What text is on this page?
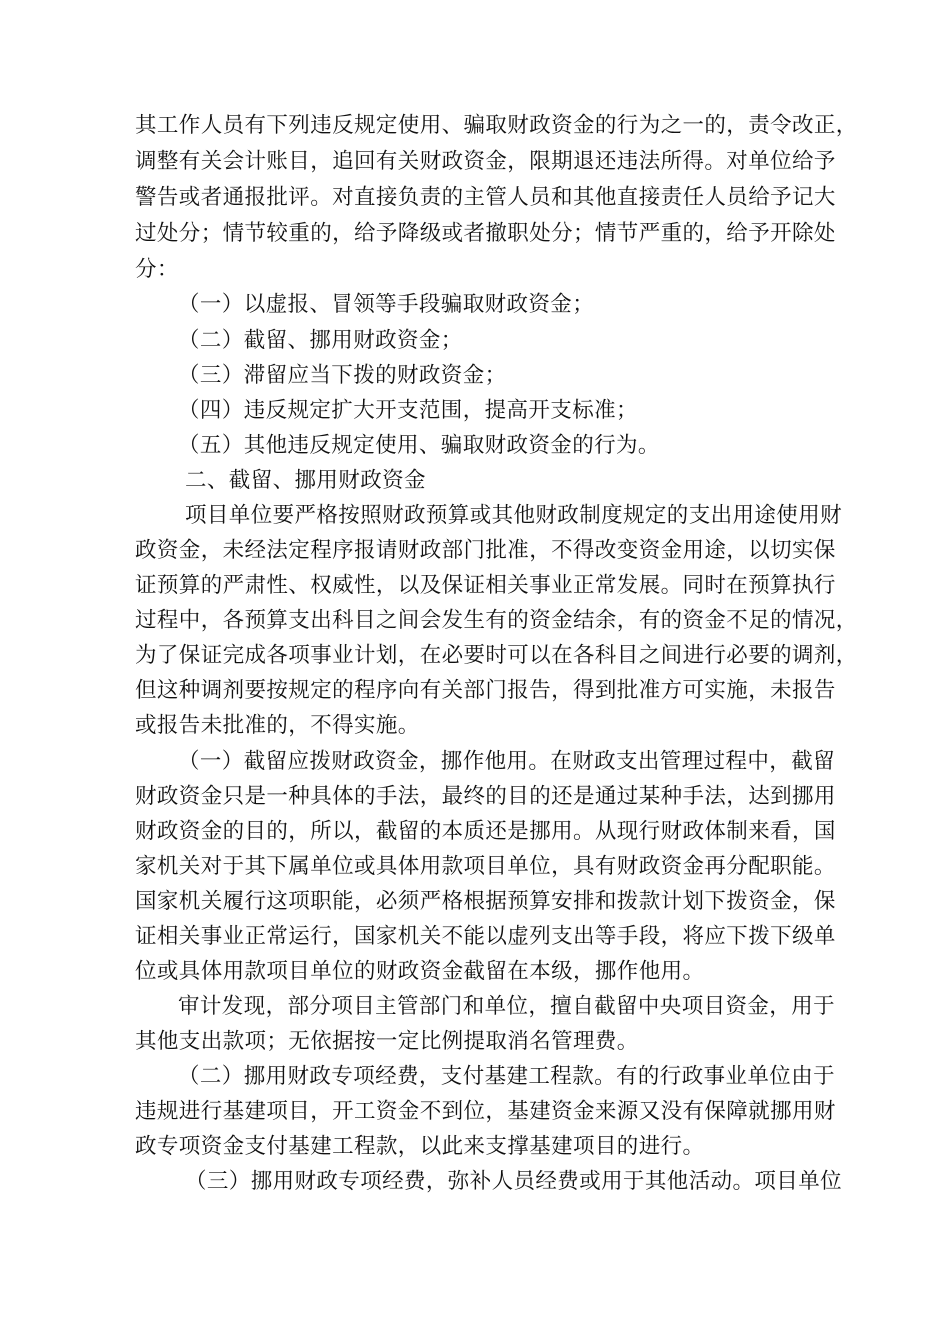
其工作人员有下列违反规定使用、骗取财政资金的行为之一的，责令改正，
调整有关会计账目，追回有关财政资金，限期退还违法所得。对单位给予
警告或者通报批评。对直接负责的主管人员和其他直接责任人员给予记大
过处分；情节较重的，给予降级或者撤职处分；情节严重的，给予开除处
分：
（一）以虚报、冒领等手段骗取财政资金；
（二）截留、挪用财政资金；
（三）滞留应当下拨的财政资金；
（四）违反规定扩大开支范围，提高开支标准；
（五）其他违反规定使用、骗取财政资金的行为。
二、截留、挪用财政资金
项目单位要严格按照财政预算或其他财政制度规定的支出用途使用财
政资金，未经法定程序报请财政部门批准，不得改变资金用途，以切实保
证预算的严肃性、权威性，以及保证相关事业正常发展。同时在预算执行
过程中，各预算支出科目之间会发生有的资金结余，有的资金不足的情况，
为了保证完成各项事业计划，在必要时可以在各科目之间进行必要的调剂，
但这种调剂要按规定的程序向有关部门报告，得到批准方可实施，未报告
或报告未批准的，不得实施。
（一）截留应拨财政资金，挪作他用。在财政支出管理过程中，截留
财政资金只是一种具体的手法，最终的目的还是通过某种手法，达到挪用
财政资金的目的，所以，截留的本质还是挪用。从现行财政体制来看，国
家机关对于其下属单位或具体用款项目单位，具有财政资金再分配职能。
国家机关履行这项职能，必须严格根据预算安排和拨款计划下拨资金，保
证相关事业正常运行，国家机关不能以虚列支出等手段，将应下拨下级单
位或具体用款项目单位的财政资金截留在本级，挪作他用。
审计发现，部分项目主管部门和单位，擅自截留中央项目资金，用于
其他支出款项；无依据按一定比例提取消名管理费。
（二）挪用财政专项经费，支付基建工程款。有的行政事业单位由于
违规进行基建项目，开工资金不到位，基建资金来源又没有保障就挪用财
政专项资金支付基建工程款，以此来支撑基建项目的进行。
（三）挪用财政专项经费，弥补人员经费或用于其他活动。项目单位
